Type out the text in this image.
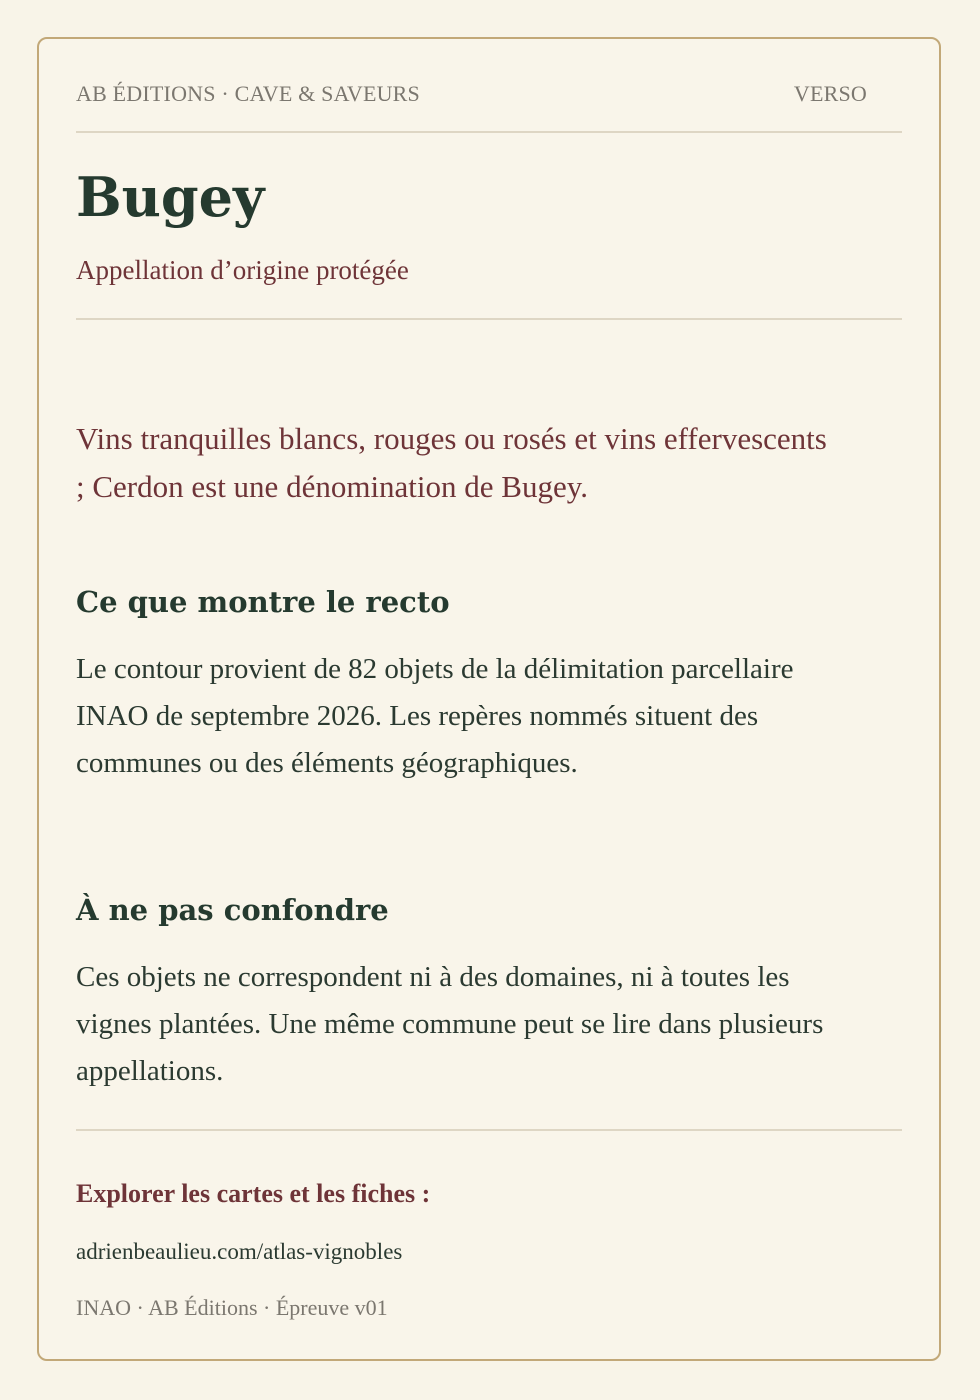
AB ÉDITIONS · CAVE & SAVEURS	VERSO
Bugey
Appellation d’origine protégée

Vins tranquilles blancs, rouges ou rosés et vins effervescents ; Cerdon est une dénomination de Bugey.

Ce que montre le recto

Le contour provient de 82 objets de la délimitation parcellaire INAO de septembre 2026. Les repères nommés situent des communes ou des éléments géographiques.

À ne pas confondre

Ces objets ne correspondent ni à des domaines, ni à toutes les vignes plantées. Une même commune peut se lire dans plusieurs appellations.

Explorer les cartes et les fiches :
adrienbeaulieu.com/atlas-vignobles
INAO · AB Éditions · Épreuve v01
